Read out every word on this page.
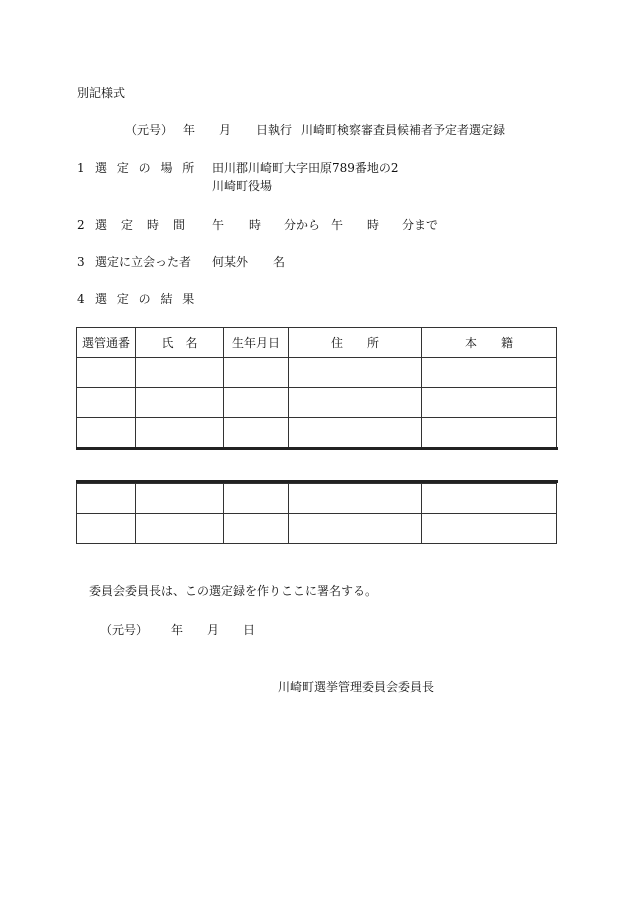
別記様式
（元号） 年 月 日執行 川崎町検察審査員候補者予定者選定録
1 選 定 の 場 所 田川郡川崎町大字田原789番地の2
川崎町役場
2 選　定　時　間 午 時 分から 午 時 分まで
3 選定に立会った者 何某外 名
4 選 定 の 結 果
選管通番	氏　名	生年月日	住　　所	本　　籍

委員会委員長は、この選定録を作りここに署名する。
（元号） 年 月 日
川崎町選挙管理委員会委員長
